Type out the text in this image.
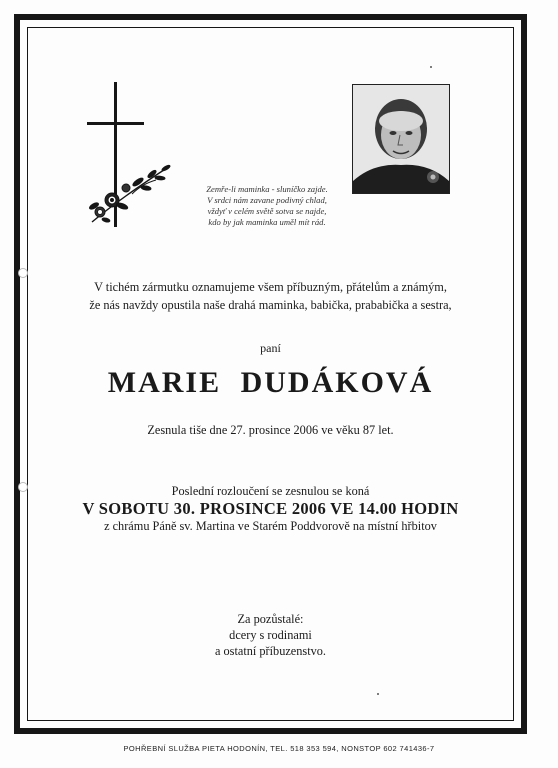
Zemře-li maminka - sluníčko zajde.
V srdci nám zavane podivný chlad,
vždyť v celém světě sotva se najde,
kdo by jak maminka uměl mít rád.
V tichém zármutku oznamujeme všem příbuzným, přátelům a známým,
že nás navždy opustila naše drahá maminka, babička, prababička a sestra,
paní
MARIE DUDÁKOVÁ
Zesnula tiše dne 27. prosince 2006 ve věku 87 let.
Poslední rozloučení se zesnulou se koná
V SOBOTU 30. PROSINCE 2006 VE 14.00 HODIN
z chrámu Páně sv. Martina ve Starém Poddvorově na místní hřbitov
Za pozůstalé:
dcery s rodinami
a ostatní příbuzenstvo.
POHŘEBNÍ SLUŽBA PIETA HODONÍN, TEL. 518 353 594, NONSTOP 602 741436-7
